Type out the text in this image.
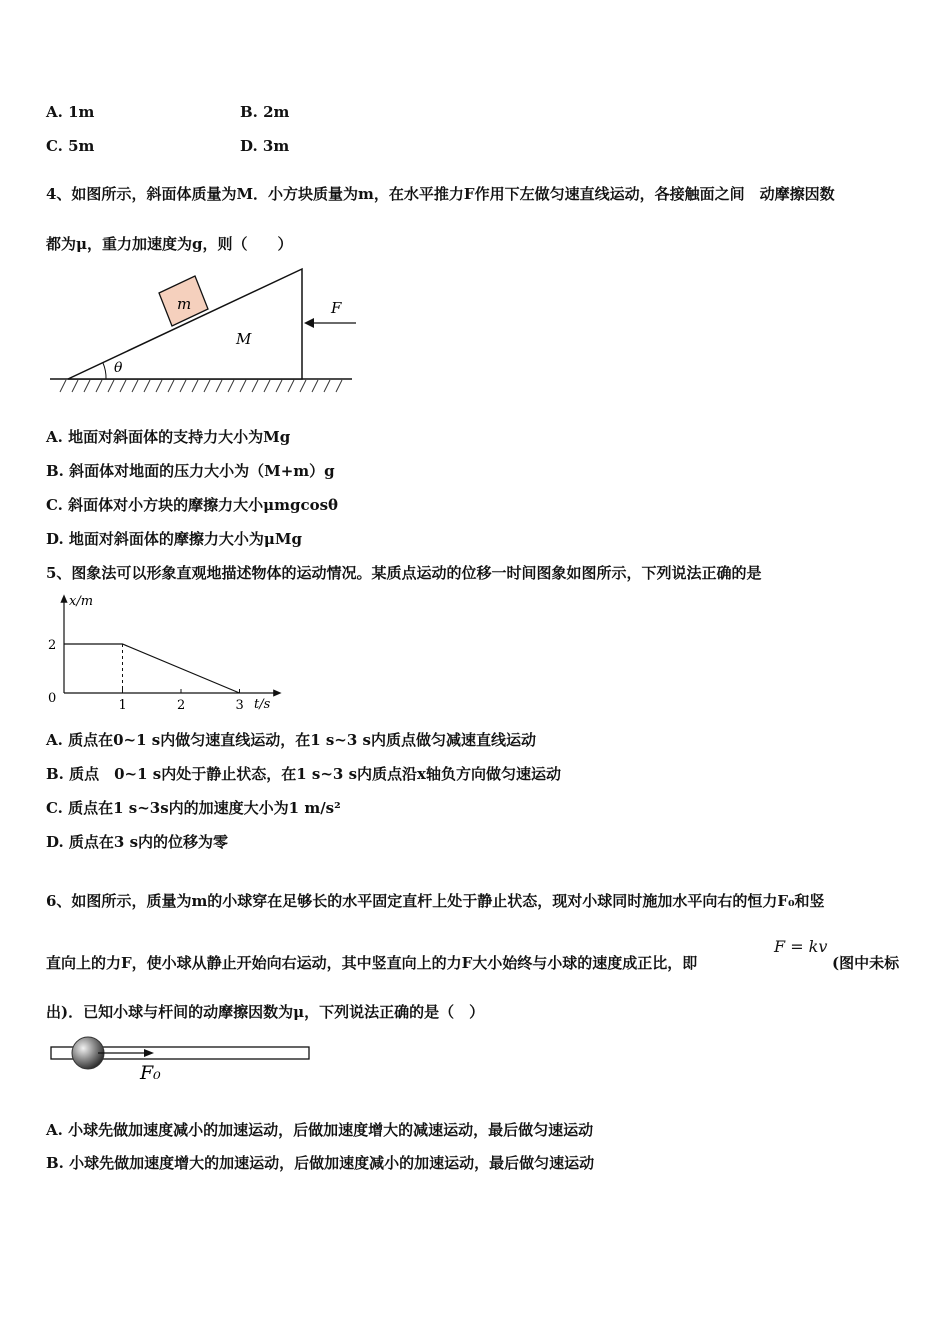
A. 1m	B. 2m
C. 5m	D. 3m
4、如图所示，斜面体质量为M．小方块质量为m，在水平推力F作用下左做匀速直线运动，各接触面之间　动摩擦因数
都为μ，重力加速度为g，则（　　）
m
M
θ
F
A. 地面对斜面体的支持力大小为Mg
B. 斜面体对地面的压力大小为（M+m）g
C. 斜面体对小方块的摩擦力大小μmgcosθ
D. 地面对斜面体的摩擦力大小为μMg
5、图象法可以形象直观地描述物体的运动情况。某质点运动的位移一时间图象如图所示，下列说法正确的是
x/m
t/s
0	1	2	3
2
A. 质点在0~1 s内做匀速直线运动，在1 s~3 s内质点做匀减速直线运动
B. 质点　0~1 s内处于静止状态，在1 s~3 s内质点沿x轴负方向做匀速运动
C. 质点在1 s~3s内的加速度大小为1 m/s²
D. 质点在3 s内的位移为零
6、如图所示，质量为m的小球穿在足够长的水平固定直杆上处于静止状态，现对小球同时施加水平向右的恒力F₀和竖
直向上的力F，使小球从静止开始向右运动，其中竖直向上的力F大小始终与小球的速度成正比，即
F = kv
(图中未标
出)．已知小球与杆间的动摩擦因数为μ，下列说法正确的是（　）
F₀
A. 小球先做加速度减小的加速运动，后做加速度增大的减速运动，最后做匀速运动
B. 小球先做加速度增大的加速运动，后做加速度减小的加速运动，最后做匀速运动
